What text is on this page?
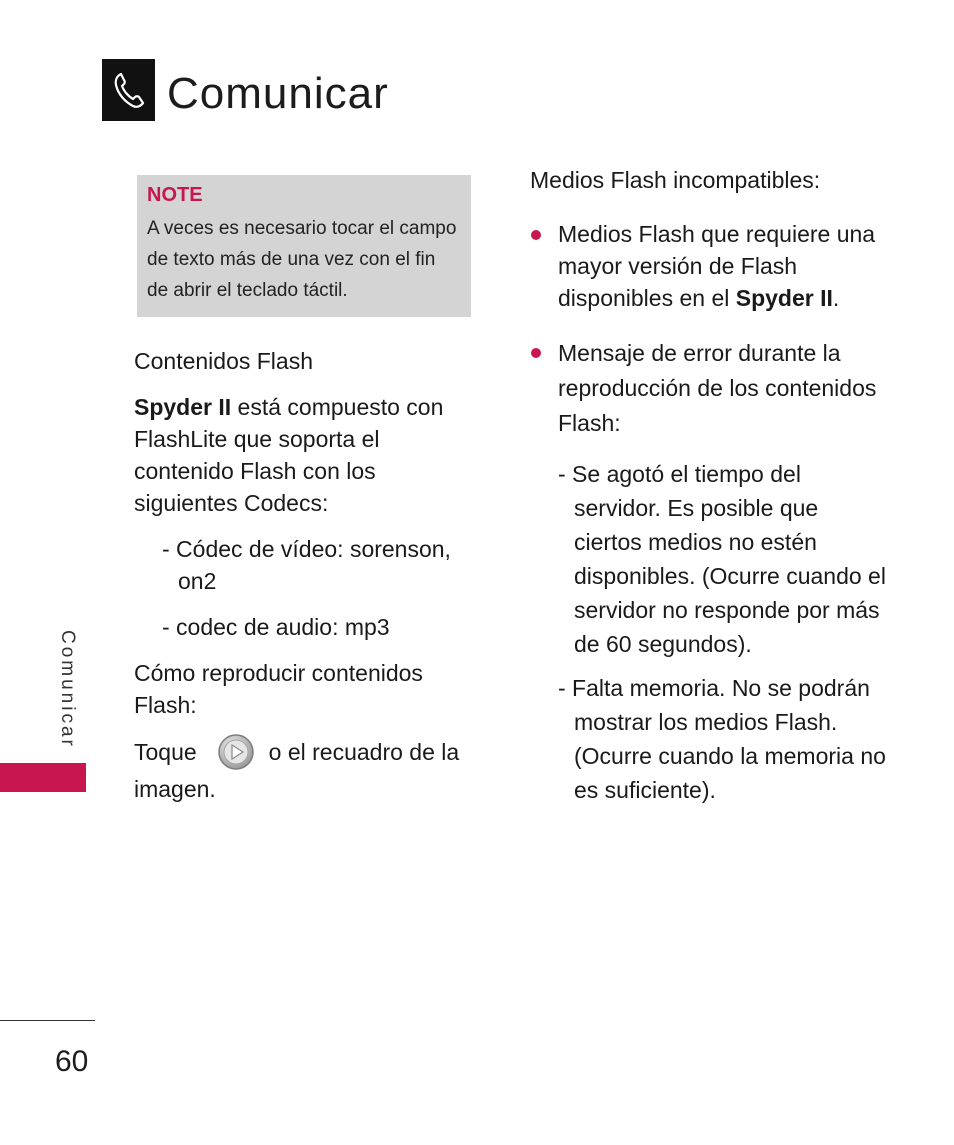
Comunicar
NOTE
A veces es necesario tocar el campo
de texto más de una vez con el fin
de abrir el teclado táctil.

Contenidos Flash

Spyder II está compuesto con FlashLite que soporta el contenido Flash con los siguientes Codecs:

- Códec de vídeo: sorenson, on2

- codec de audio: mp3

Cómo reproducir contenidos Flash:

Toque	o el recuadro de la imagen.

Medios Flash incompatibles:

Medios Flash que requiere una mayor versión de Flash disponibles en el Spyder II.
Mensaje de error durante la reproducción de los contenidos Flash:

- Se agotó el tiempo del servidor. Es posible que ciertos medios no estén disponibles. (Ocurre cuando el servidor no responde por más de 60 segundos).

- Falta memoria. No se podrán mostrar los medios Flash. (Ocurre cuando la memoria no es suficiente).

Comunicar
60
